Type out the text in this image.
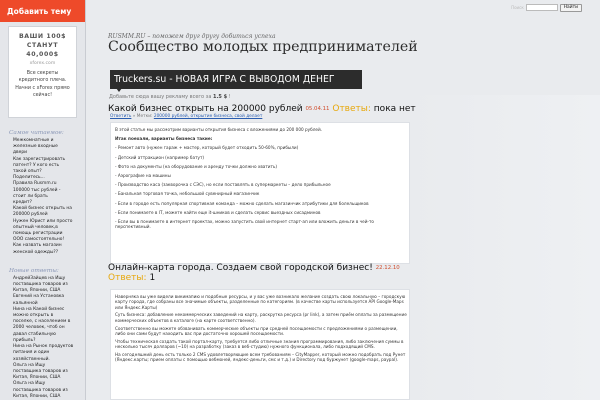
Добавить тему
ВАШИ 100$
СТАНУТ 40,000$
xforex.com
Все секреты кредитного плеча. Начни с xForex прямо сейчас!
Самое читаемое:
Межкомнатные и
железные входные
двери
Как зарегистрировать
патент? У кого есть
такой опыт?
Поделитесь...
Правила Rusmm.ru
100000 тыс рублей -
стоит ли брать
кредит?
Какой бизнес открыть на
200000 рублей
Нужен Юрист или просто
опытный человек,в
помощь регистрации
ООО самостоятельно!
Как назвать магазин
женской одежды??
Новые ответы:
АндрейЗайцев на Ищу
поставщика товаров из
Китая, Японии, США
Евгений на Установка
кальянной
Нина на Какой бизнес
можно открыть в
поселке, с населением в
2000 человек, чтоб он
давал стабильную
прибыль?
Нина на Рынок продуктов
питания и один
хозяйственный.
Ольга на Ищу
поставщика товаров из
Китая, Японии, США
Ольга на Ищу
поставщика товаров из
Китая, Японии, США
Поиск	Найти
RUSMM.RU – поможем друг другу добиться успеха
Сообщество молодых предпринимателей
Truckers.su - НОВАЯ ИГРА С ВЫВОДОМ ДЕНЕГ
Добавьте сюда вашу рекламу всего за 1.5 $ !
Какой бизнес открыть на 200000 рублей 05.04.11 Ответы: пока нет
Ответить » Метки: 200000 рублей, открытие бизнеса, свой делает

В этой статье мы рассмотрим варианты открытия бизнеса с вложениями до 200 000 рублей.

Итак поехали, варианты бизнеса такие:

- Ремонт авто (нужен гараж + мастер, который будет отходить 50-60%, прибыли)

- Детский аттракцион (например батут)

- Фото на документы (на оборудование и аренду точки должно хватить)

- Аэрографие на машины

- Производство каса (закворочка с СЭС), но если поставлять в супермаркеты – дело прибыльное

- Банальная торговая точка, небольшой сувенирный магазинчик

- Если в городе есть популярная спортивная команда – можно сделать магазинчик атрибутики для болельщиков

- Если понимаете в IT, можете найти еще it-шников и сделать сервис выездных сисадминов

- Если вы в понимаете в интернет проектах, можно запустить свой интернет старт-ап или вложить деньги в чей-то перспективный.

Онлайн-карта города. Создаем свой городской бизнес! 22.12.10
Ответы: 1

Наверняка вы уже видели викимапию и подобные ресурсы, и у вас уже возникало желание создать свою локальную – городскую карту города, где собраны все значимые объекты, разделенные по категориям. (в качестве карты используется API Google-Maps или Яндекс.Карты)

Суть бизнеса: добавление некоммерческих заведений на карту, раскрутка ресурса (pr link), а затем приём оплаты за размещение коммерческих объектов в каталоге (на карте соответственно).

Соответственно вы можете обзванивать коммерческие объекты при средней посещаемости с предложениями о размещении, либо они сами будут находить вас при достаточно хорошей посещаемости.

Чтобы техническая создать такой портал-карту, требуется либо отличные знания программирования, либо заключения суммы в несколько тысяч долларов (~10) на разработку (заказ в веб-студию) нужного функционала, либо подходящий CMS.

На сегодняшний день есть только 2 CMS удовлетворяющие всем требованиям – CityMapper, который можно подобрать под Рунет (Яндекс.карты; прием оплаты с помощью вебмоней, яндекс-деньги, смс и т.д.) и Directory под буржунет (google-maps, paypal).
